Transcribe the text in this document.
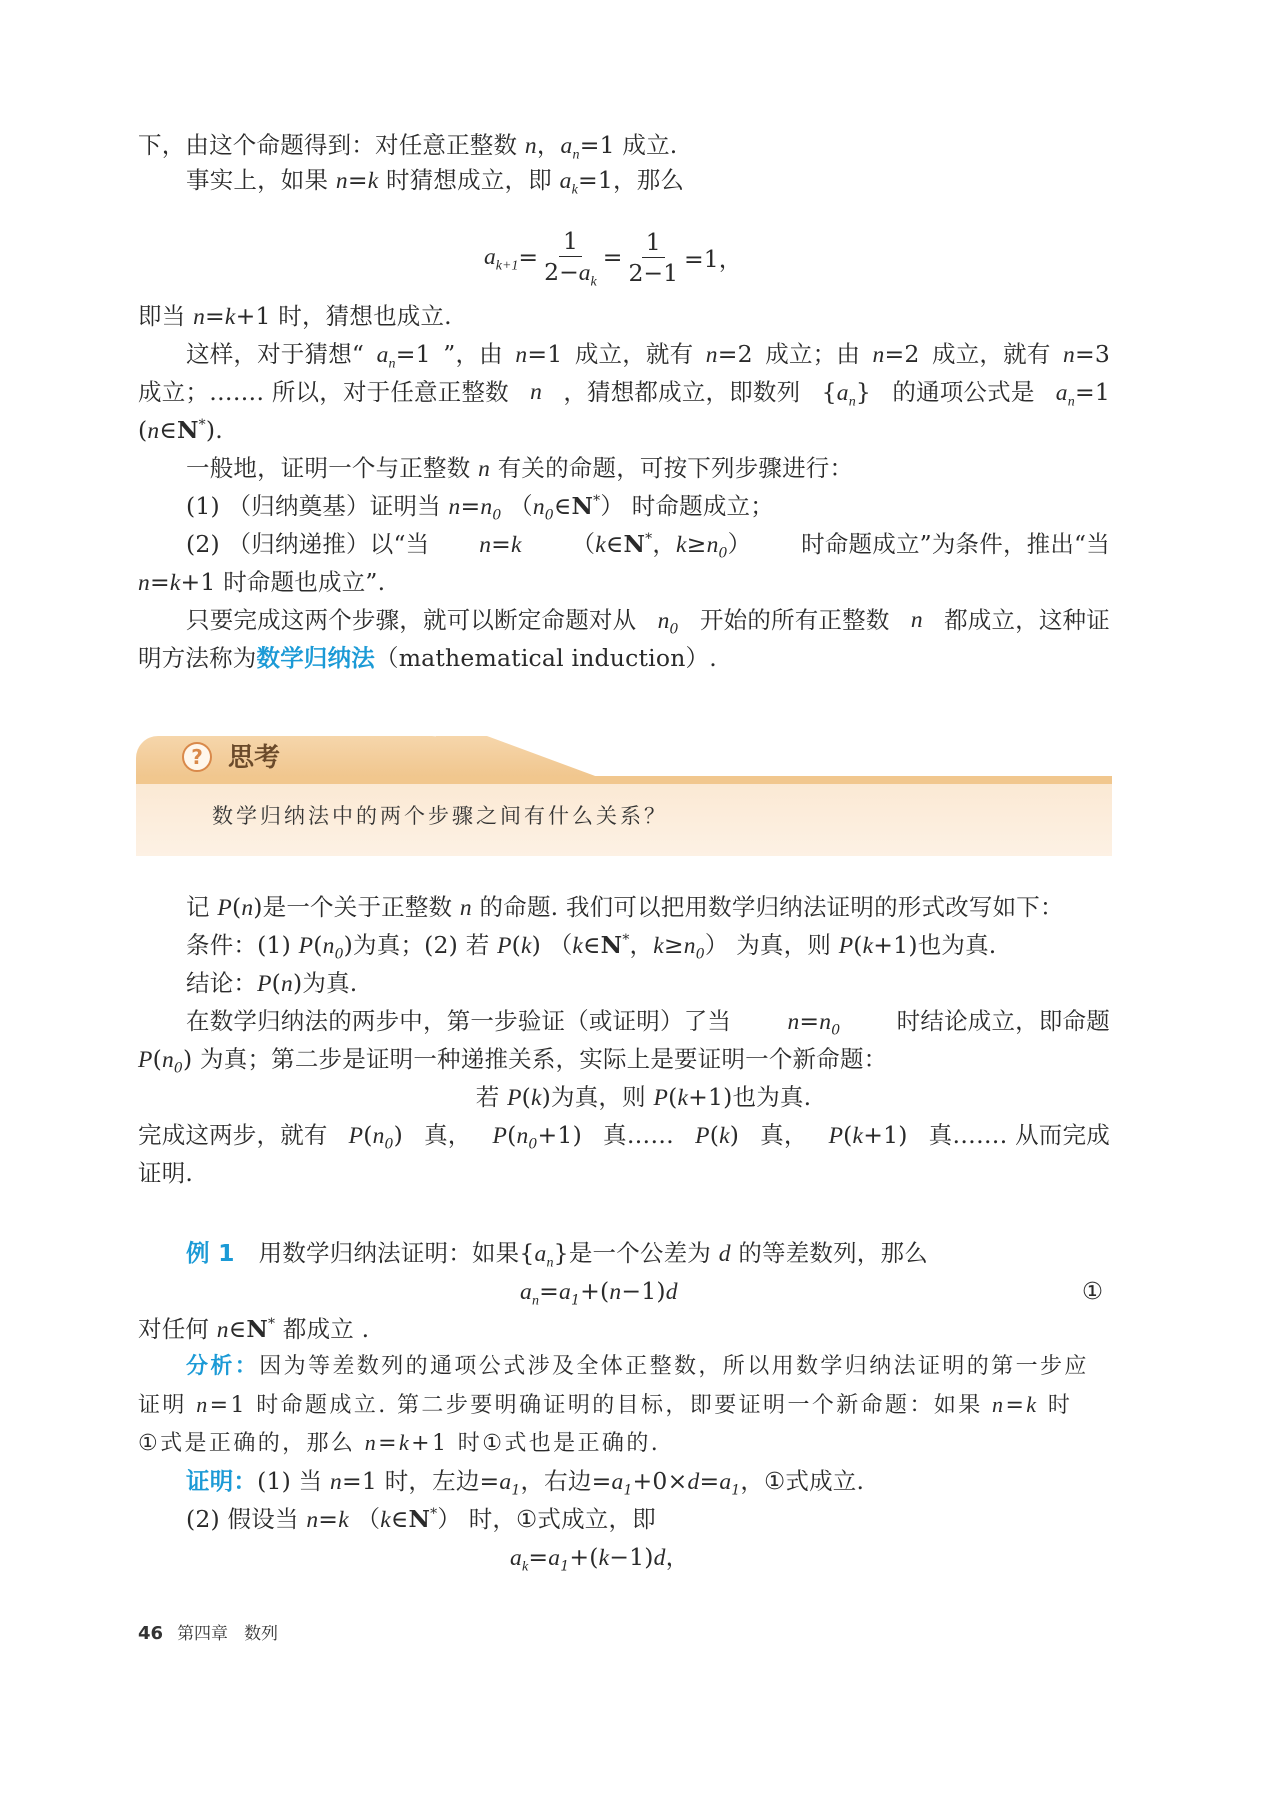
下，由这个命题得到：对任意正整数 n，$a_n=1$ 成立.
事实上，如果 n=k 时猜想成立，即 $a_k=1$，那么
$a_{k+1} = \frac{1}{2-a_k} = \frac{1}{2-1} =1$，
即当 n=k+1 时，猜想也成立.
这样，对于猜想“ $a_n=1$ ”，由 n=1 成立，就有 n=2 成立；由 n=2 成立，就有 n=3
成立；……. 所以，对于任意正整数 n ，猜想都成立，即数列 $\{a_n\}$ 的通项公式是 $a_n=1$
(n∈N*).
一般地，证明一个与正整数 n 有关的命题，可按下列步骤进行：
(1) （归纳奠基）证明当 $n=n_0$ $(n_0\in N^*)$ 时命题成立；
(2) （归纳递推）以“当 n=k （k∈N*，$k\ge n_0$） 时命题成立”为条件，推出“当
n=k+1 时命题也成立”.
只要完成这两个步骤，就可以断定命题对从 $n_0$ 开始的所有正整数 n 都成立，这种证
明方法称为数学归纳法（mathematical induction）.
? 思考
数学归纳法中的两个步骤之间有什么关系？
记 P(n)是一个关于正整数 n 的命题. 我们可以把用数学归纳法证明的形式改写如下：
条件：(1) $P(n_0)$为真；(2) 若 P(k) （k∈N*，$k\ge n_0$） 为真，则 P(k+1)也为真.
结论：P(n)为真.
在数学归纳法的两步中，第一步验证（或证明）了当 $n=n_0$ 时结论成立，即命题
$P(n_0)$ 为真；第二步是证明一种递推关系，实际上是要证明一个新命题：
若 P(k)为真，则 P(k+1)也为真.
完成这两步，就有 $P(n_0)$ 真， $P(n_0+1)$ 真…… P(k) 真， P(k+1) 真……. 从而完成
证明.
例 1 用数学归纳法证明：如果$\{a_n\}$是一个公差为 d 的等差数列，那么
$a_n=a_1+(n-1)d$	①
对任何 n∈N* 都成立 .
分析：因为等差数列的通项公式涉及全体正整数，所以用数学归纳法证明的第一步应
证明 n=1 时命题成立. 第二步要明确证明的目标，即要证明一个新命题：如果 n=k 时
①式是正确的，那么 n=k+1 时①式也是正确的.
证明：(1) 当 n=1 时，左边$=a_1$，右边$=a_1+0\times d=a_1$，①式成立.
(2) 假设当 n=k （k∈N*） 时，①式成立，即
$a_k=a_1+(k-1)d$，
46 第四章 数列
